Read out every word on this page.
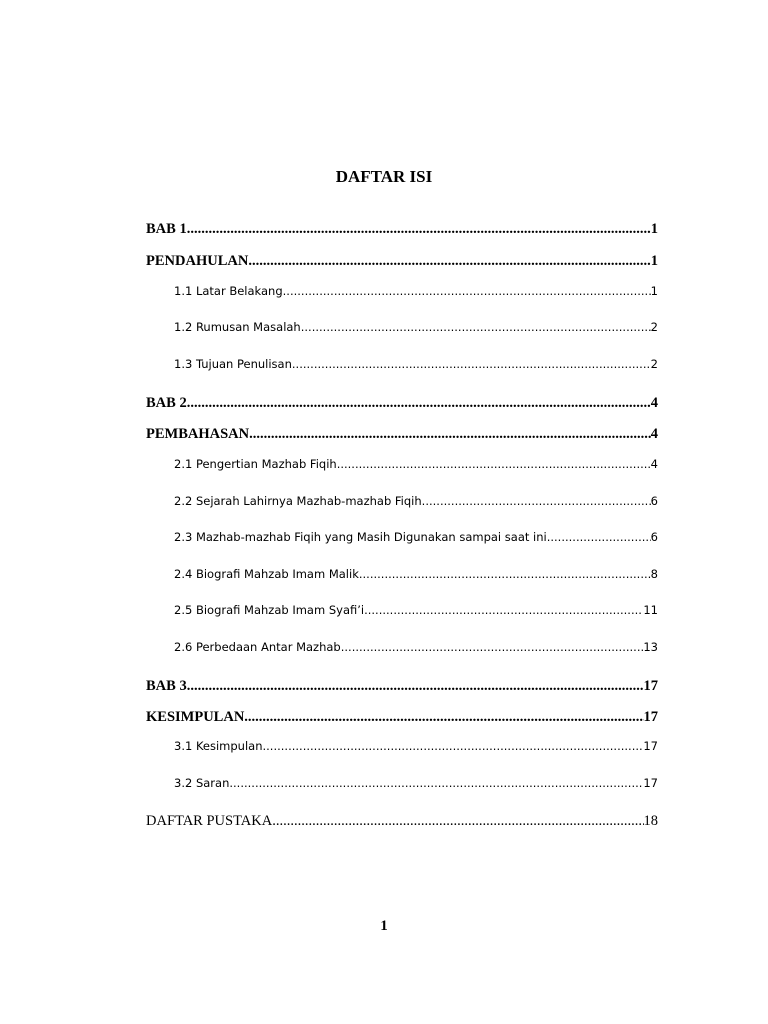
DAFTAR ISI
BAB 1 .....	1
PENDAHULAN .....	1
1.1 Latar Belakang .....	1
1.2 Rumusan Masalah .....	2
1.3 Tujuan Penulisan .....	2
BAB 2 .....	4
PEMBAHASAN .....	4
2.1 Pengertian Mazhab Fiqih .....	4
2.2 Sejarah Lahirnya Mazhab-mazhab Fiqih .....	6
2.3 Mazhab-mazhab Fiqih yang Masih Digunakan sampai saat ini .....	6
2.4 Biografi Mahzab Imam Malik .....	8
2.5 Biografi Mahzab Imam Syafi’i .....	11
2.6 Perbedaan Antar Mazhab .....	13
BAB 3 .....	17
KESIMPULAN .....	17
3.1 Kesimpulan .....	17
3.2 Saran .....	17
DAFTAR PUSTAKA .....	18
1
